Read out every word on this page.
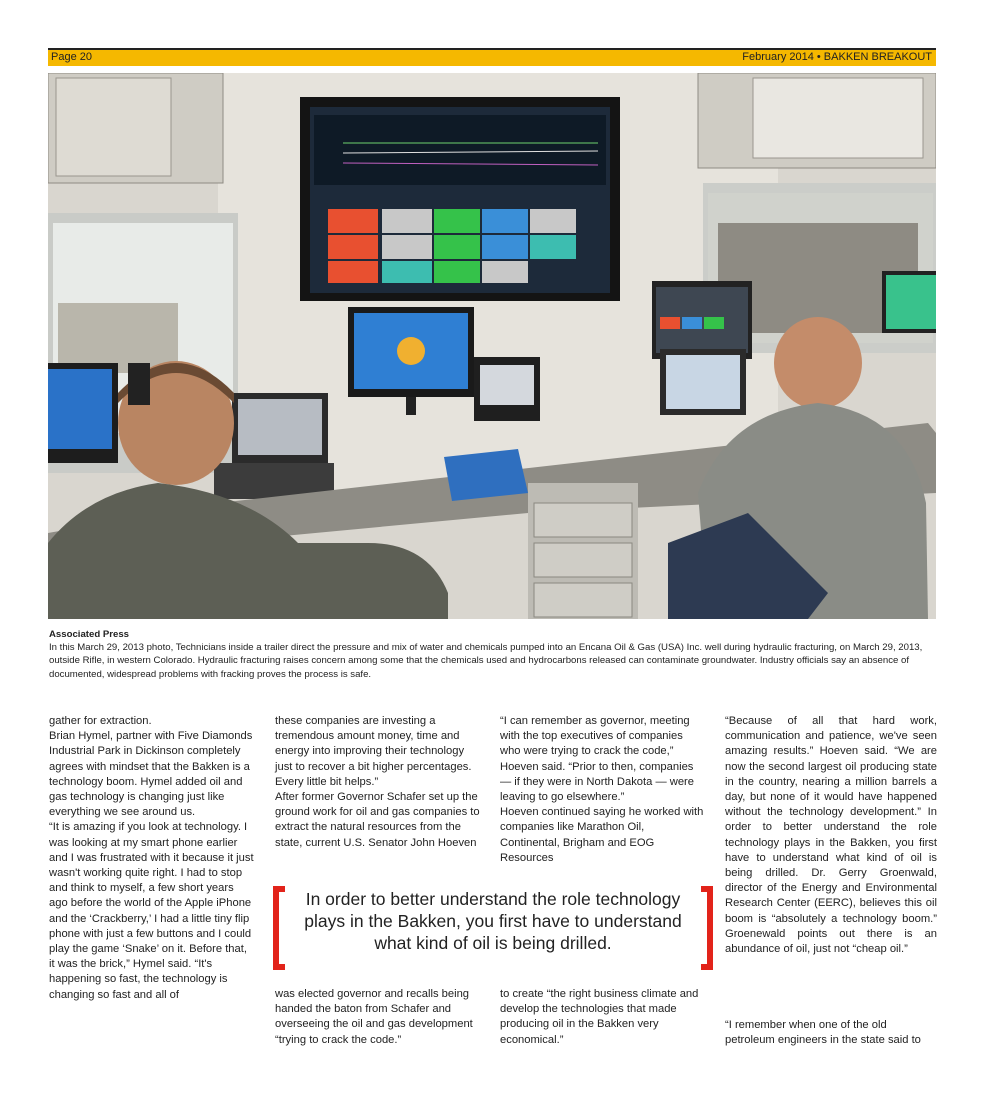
Page 20	February 2014 • BAKKEN BREAKOUT
Associated Press
In this March 29, 2013 photo, Technicians inside a trailer direct the pressure and mix of water and chemicals pumped into an Encana Oil & Gas (USA) Inc. well during hydraulic fracturing, on March 29, 2013, outside Rifle, in western Colorado. Hydraulic fracturing raises concern among some that the chemicals used and hydrocarbons released can contaminate groundwater. Industry officials say an absence of documented, widespread problems with fracking proves the process is safe.

gather for extraction.

Brian Hymel, partner with Five Diamonds Industrial Park in Dickinson completely agrees with mindset that the Bakken is a technology boom. Hymel added oil and gas technology is changing just like everything we see around us.

“It is amazing if you look at technology. I was looking at my smart phone earlier and I was frustrated with it because it just wasn't working quite right. I had to stop and think to myself, a few short years ago before the world of the Apple iPhone and the ‘Crackberry,’ I had a little tiny flip phone with just a few buttons and I could play the game ‘Snake’ on it. Before that, it was the brick,” Hymel said. “It's happening so fast, the technology is changing so fast and all of

these companies are investing a tremendous amount money, time and energy into improving their technology just to recover a bit higher percentages. Every little bit helps.”

After former Governor Schafer set up the ground work for oil and gas companies to extract the natural resources from the state, current U.S. Senator John Hoeven

“I can remember as governor, meeting with the top executives of companies who were trying to crack the code,” Hoeven said. “Prior to then, companies — if they were in North Dakota — were leaving to go elsewhere.”

Hoeven continued saying he worked with companies like Marathon Oil, Continental, Brigham and EOG Resources

“Because of all that hard work, communication and patience, we've seen amazing results.” Hoeven said. “We are now the second largest oil producing state in the country, nearing a million barrels a day, but none of it would have happened without the technology development.” In order to better understand the role technology plays in the Bakken, you first have to understand what kind of oil is being drilled. Dr. Gerry Groenwald, director of the Energy and Environmental Research Center (EERC), believes this oil boom is “absolutely a technology boom.” Groenewald points out there is an abundance of oil, just not “cheap oil.”

In order to better understand the role technology plays in the Bakken, you first have to understand what kind of oil is being drilled.

was elected governor and recalls being handed the baton from Schafer and overseeing the oil and gas development “trying to crack the code.”

to create “the right business climate and develop the technologies that made producing oil in the Bakken very economical.”

“I remember when one of the old petroleum engineers in the state said to
